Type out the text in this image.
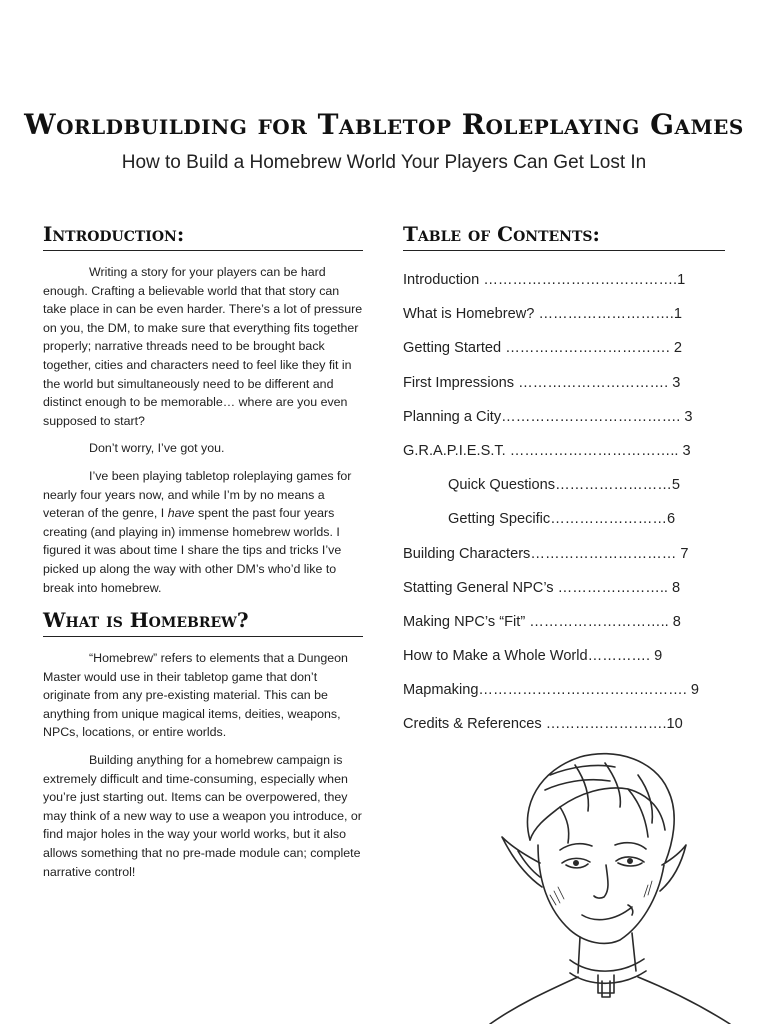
Worldbuilding for Tabletop Roleplaying Games
How to Build a Homebrew World Your Players Can Get Lost In
Introduction:

Writing a story for your players can be hard enough. Crafting a believable world that that story can take place in can be even harder. There’s a lot of pressure on you, the DM, to make sure that everything fits together properly; narrative threads need to be brought back together, cities and characters need to feel like they fit in the world but simultaneously need to be different and distinct enough to be memorable… where are you even supposed to start?

Don’t worry, I’ve got you.

I’ve been playing tabletop roleplaying games for nearly four years now, and while I’m by no means a veteran of the genre, I have spent the past four years creating (and playing in) immense homebrew worlds. I figured it was about time I share the tips and tricks I’ve picked up along the way with other DM’s who’d like to break into homebrew.

What is Homebrew?

“Homebrew” refers to elements that a Dungeon Master would use in their tabletop game that don’t originate from any pre-existing material. This can be anything from unique magical items, deities, weapons, NPCs, locations, or entire worlds.

Building anything for a homebrew campaign is extremely difficult and time-consuming, especially when you’re just starting out. Items can be overpowered, they may think of a new way to use a weapon you introduce, or find major holes in the way your world works, but it also allows something that no pre-made module can; complete narrative control!

Table of Contents:
Introduction ………………………………….1
What is Homebrew? ……………………….1
Getting Started ……………………………. 2
First Impressions …………………………. 3
Planning a City………………………………. 3
G.R.A.P.I.E.S.T. …………………………….. 3
Quick Questions……………………5
Getting Specific……………………6
Building Characters………………………… 7
Statting General NPC’s ………………….. 8
Making NPC’s “Fit” ……………………….. 8
How to Make a Whole World…………. 9
Mapmaking……………………………………. 9
Credits & References …………………….10
